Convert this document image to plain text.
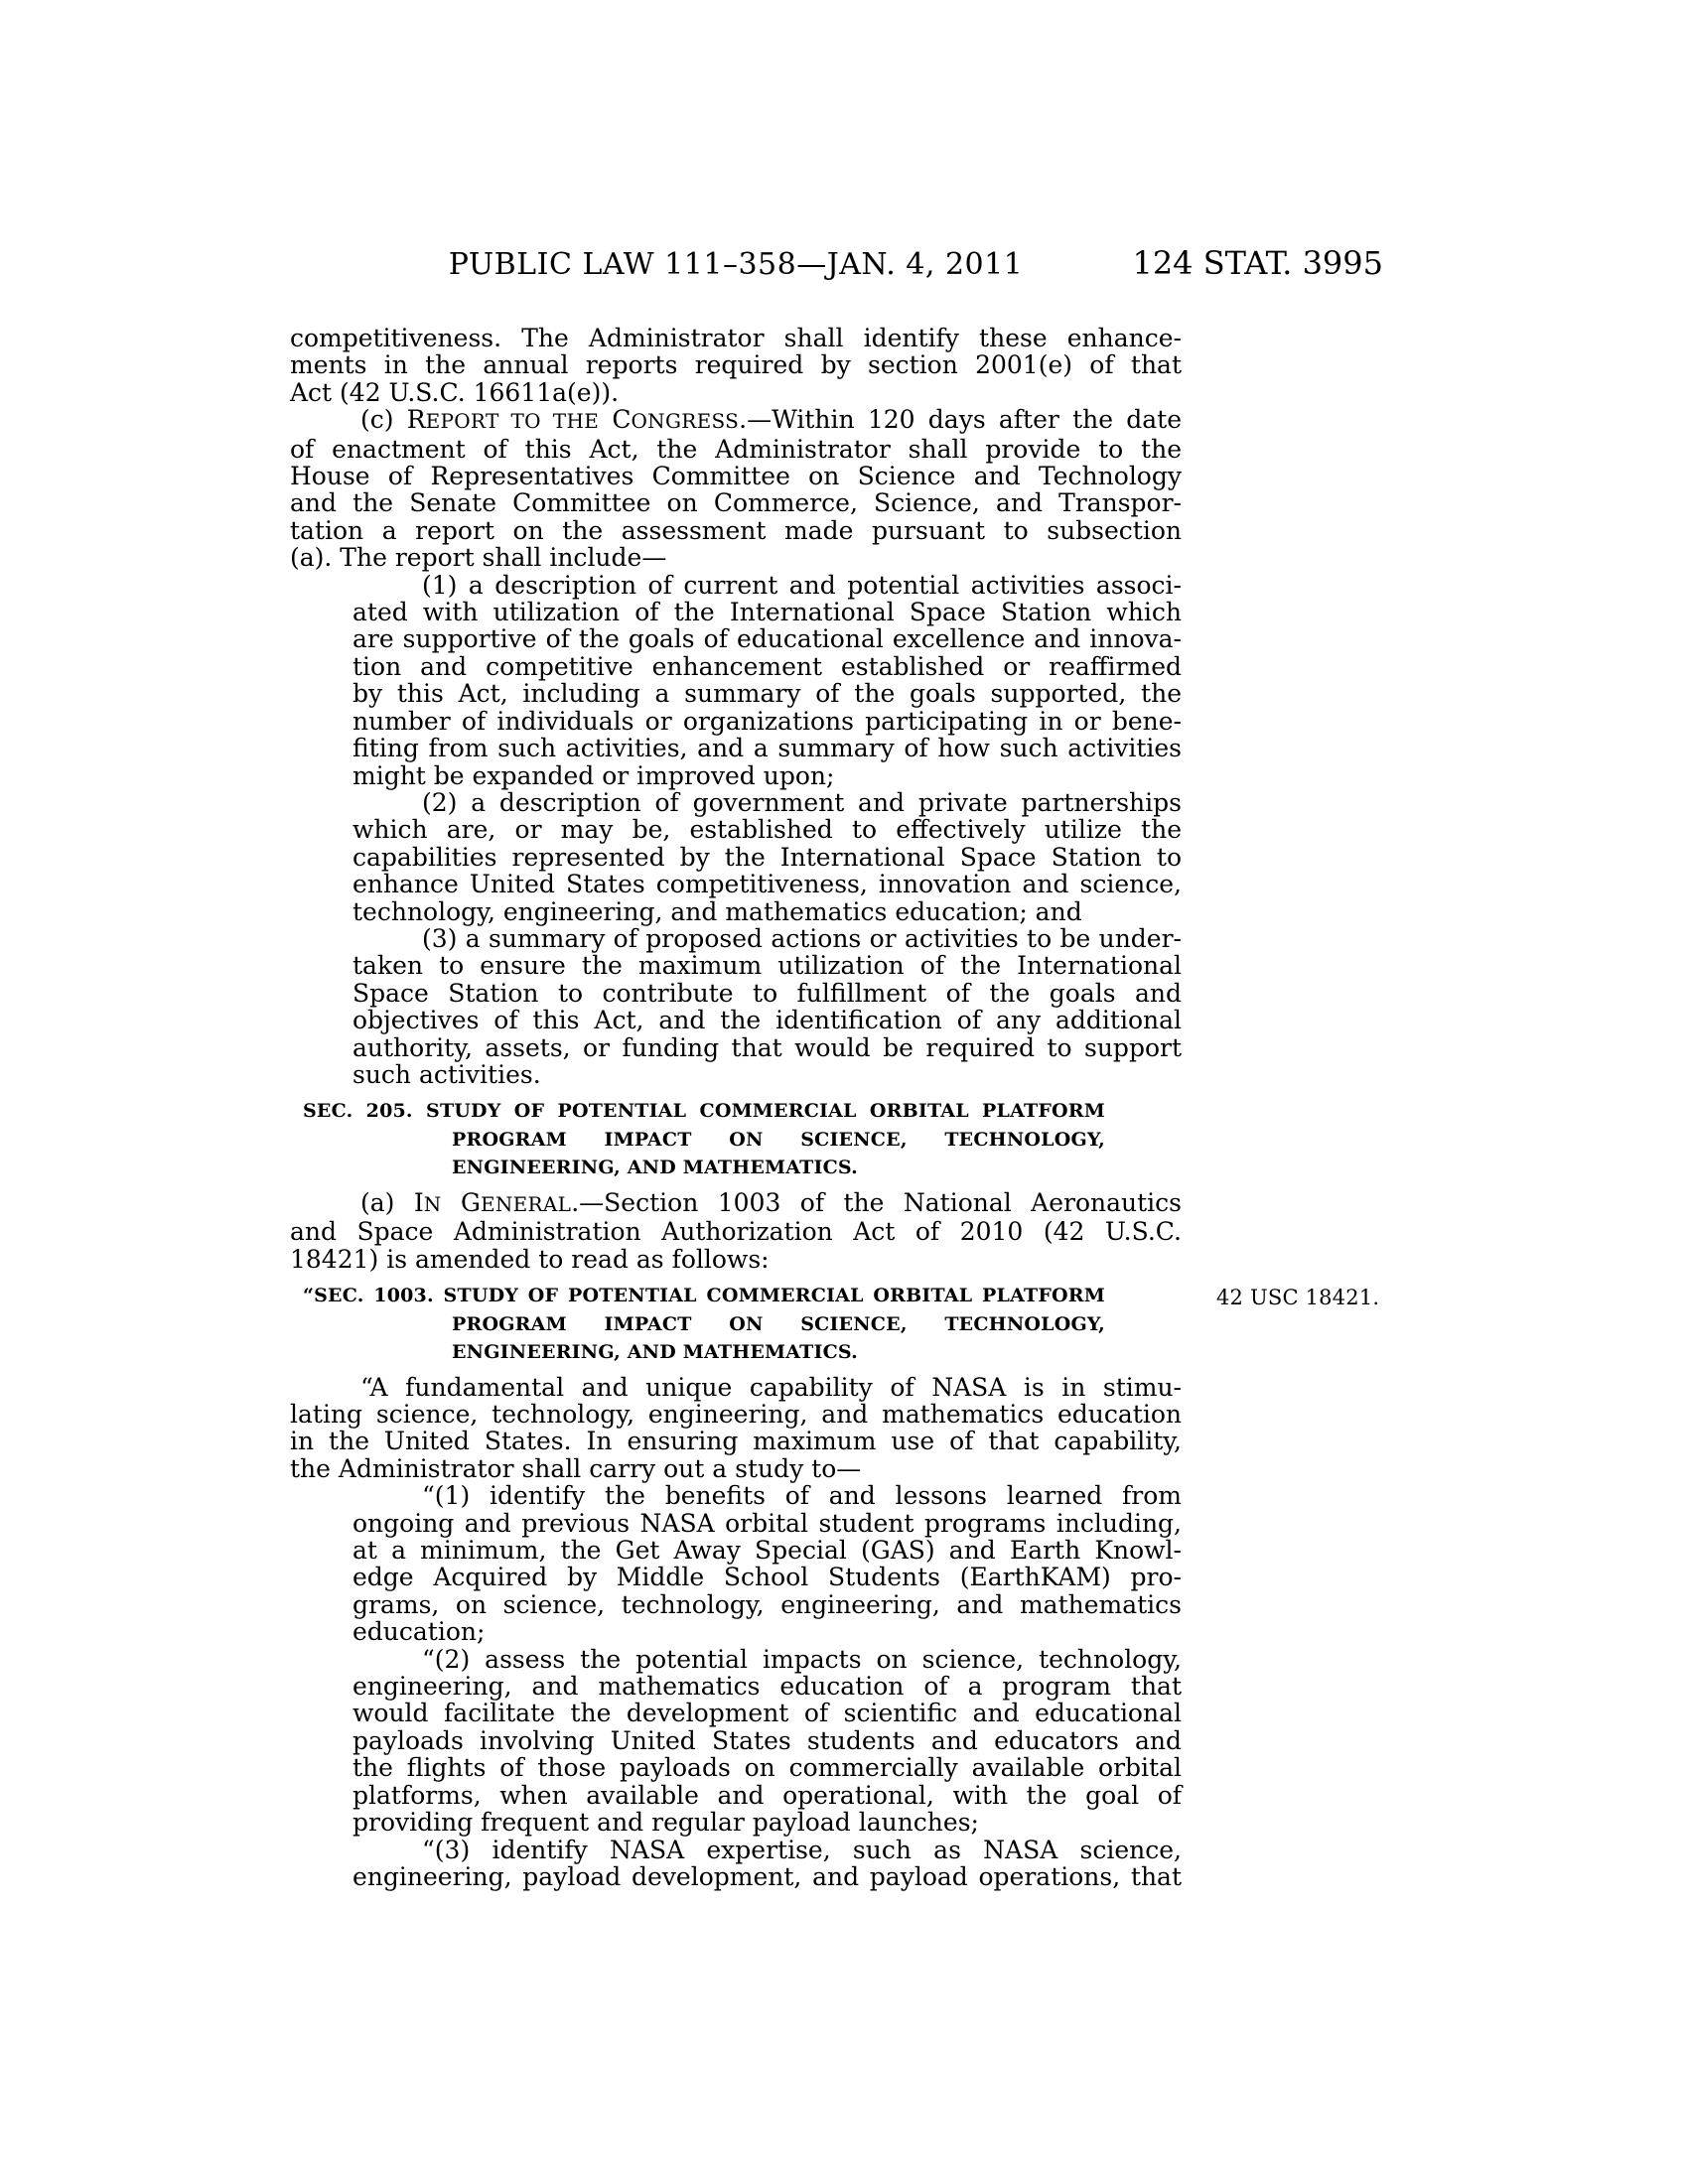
PUBLIC LAW 111–358—JAN. 4, 2011	124 STAT. 3995
competitiveness. The Administrator shall identify these enhance-
ments in the annual reports required by section 2001(e) of that
Act (42 U.S.C. 16611a(e)).
(c) REPORT TO THE CONGRESS.—Within 120 days after the date
of enactment of this Act, the Administrator shall provide to the
House of Representatives Committee on Science and Technology
and the Senate Committee on Commerce, Science, and Transpor-
tation a report on the assessment made pursuant to subsection
(a). The report shall include—
(1) a description of current and potential activities associ-
ated with utilization of the International Space Station which
are supportive of the goals of educational excellence and innova-
tion and competitive enhancement established or reaffirmed
by this Act, including a summary of the goals supported, the
number of individuals or organizations participating in or bene-
fiting from such activities, and a summary of how such activities
might be expanded or improved upon;
(2) a description of government and private partnerships
which are, or may be, established to effectively utilize the
capabilities represented by the International Space Station to
enhance United States competitiveness, innovation and science,
technology, engineering, and mathematics education; and
(3) a summary of proposed actions or activities to be under-
taken to ensure the maximum utilization of the International
Space Station to contribute to fulfillment of the goals and
objectives of this Act, and the identification of any additional
authority, assets, or funding that would be required to support
such activities.
SEC. 205. STUDY OF POTENTIAL COMMERCIAL ORBITAL PLATFORM
PROGRAM IMPACT ON SCIENCE, TECHNOLOGY,
ENGINEERING, AND MATHEMATICS.
(a) IN GENERAL.—Section 1003 of the National Aeronautics
and Space Administration Authorization Act of 2010 (42 U.S.C.
18421) is amended to read as follows:
“SEC. 1003. STUDY OF POTENTIAL COMMERCIAL ORBITAL PLATFORM
PROGRAM IMPACT ON SCIENCE, TECHNOLOGY,
ENGINEERING, AND MATHEMATICS.
42 USC 18421.
“A fundamental and unique capability of NASA is in stimu-
lating science, technology, engineering, and mathematics education
in the United States. In ensuring maximum use of that capability,
the Administrator shall carry out a study to—
“(1) identify the benefits of and lessons learned from
ongoing and previous NASA orbital student programs including,
at a minimum, the Get Away Special (GAS) and Earth Knowl-
edge Acquired by Middle School Students (EarthKAM) pro-
grams, on science, technology, engineering, and mathematics
education;
“(2) assess the potential impacts on science, technology,
engineering, and mathematics education of a program that
would facilitate the development of scientific and educational
payloads involving United States students and educators and
the flights of those payloads on commercially available orbital
platforms, when available and operational, with the goal of
providing frequent and regular payload launches;
“(3) identify NASA expertise, such as NASA science,
engineering, payload development, and payload operations, that
